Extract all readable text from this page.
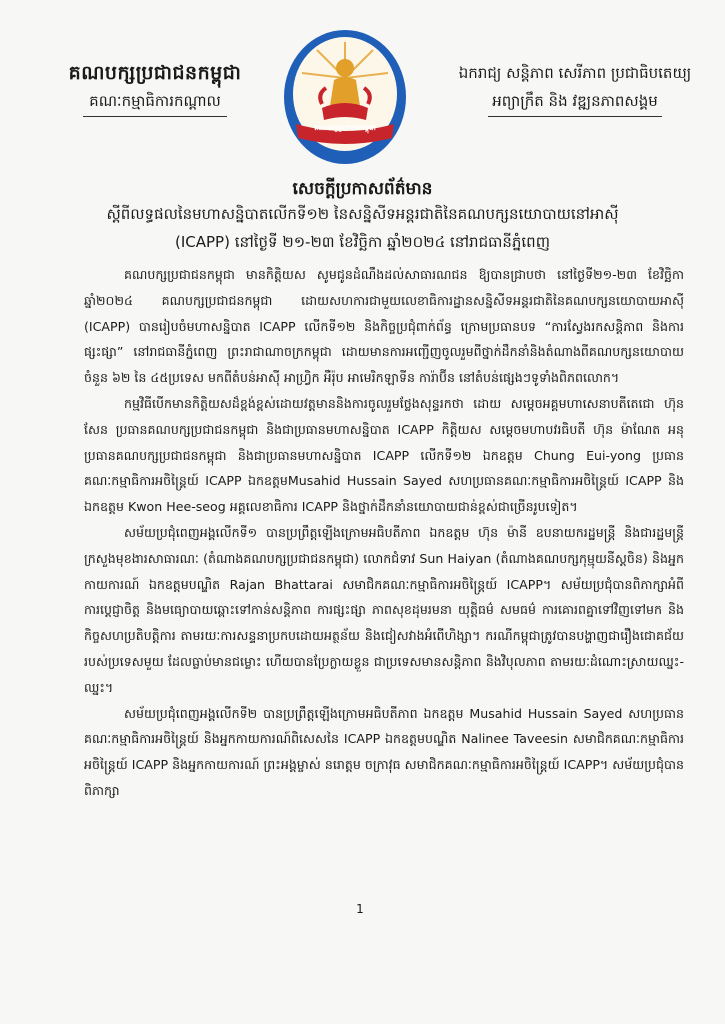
គណបក្សប្រជាជនកម្ពុជា
គណៈកម្មាធិការកណ្តាល
គណបក្សប្រជាជនកម្ពុជា
ឯករាជ្យ សន្តិភាព សេរីភាព ប្រជាធិបតេយ្យ
អព្យាក្រឹត និង វឌ្ឍនភាពសង្គម
សេចក្តីប្រកាសព័ត៌មាន
ស្តីពីលទ្ធផលនៃមហាសន្និបាតលើកទី១២ នៃសន្និសីទអន្តរជាតិនៃគណបក្សនយោបាយនៅអាស៊ី
(ICAPP) នៅថ្ងៃទី ២១-២៣ ខែវិច្ឆិកា ឆ្នាំ២០២៤ នៅរាជធានីភ្នំពេញ

គណបក្សប្រជាជនកម្ពុជា មានកិត្តិយស សូមជូនដំណឹងដល់សាធារណជន ឱ្យបានជ្រាបថា នៅថ្ងៃទី២១-២៣ ខែវិច្ឆិកា ឆ្នាំ២០២៤ គណបក្សប្រជាជនកម្ពុជា ដោយសហការជាមួយលេខាធិការដ្ឋានសន្និសីទអន្តរជាតិនៃគណបក្សនយោបាយអាស៊ី (ICAPP) បានរៀបចំមហាសន្និបាត ICAPP លើកទី១២ និងកិច្ចប្រជុំពាក់ព័ន្ធ ក្រោមប្រធានបទ “ការស្វែងរកសន្តិភាព និងការផ្សះផ្សា” នៅរាជធានីភ្នំពេញ ព្រះរាជាណាចក្រកម្ពុជា ដោយមានការអញ្ជើញចូលរួមពីថ្នាក់ដឹកនាំនិងតំណាងពីគណបក្សនយោបាយចំនួន ៦២ នៃ ៤៥ប្រទេស មកពីតំបន់អាស៊ី អាហ្វ្រិក អឺរ៉ុប អាមេរិកឡាទីន ការ៉ាប៊ីន នៅតំបន់ផ្សេងៗទូទាំងពិភពលោក។

កម្មវិធីបើកមានកិត្តិយសដ៏ខ្ពង់ខ្ពស់ដោយវត្តមាននិងការចូលរួមថ្លែងសុន្ទរកថា ដោយ សម្តេចអគ្គមហាសេនាបតីតេជោ ហ៊ុន សែន ប្រធានគណបក្សប្រជាជនកម្ពុជា និងជាប្រធានមហាសន្និបាត ICAPP កិត្តិយស សម្តេចមហាបវរធិបតី ហ៊ុន ម៉ាណែត អនុប្រធានគណបក្សប្រជាជនកម្ពុជា និងជាប្រធានមហាសន្និបាត ICAPP លើកទី១២ ឯកឧត្តម Chung Eui-yong ប្រធានគណៈកម្មាធិការអចិន្ត្រៃយ៍ ICAPP ឯកឧត្តមMusahid Hussain Sayed សហប្រធានគណៈកម្មាធិការអចិន្ត្រៃយ៍ ICAPP និង ឯកឧត្តម Kwon Hee-seog អគ្គលេខាធិការ ICAPP និងថ្នាក់ដឹកនាំនយោបាយជាន់ខ្ពស់ជាច្រើនរូបទៀត។

សម័យប្រជុំពេញអង្គលើកទី១ បានប្រព្រឹត្តឡើងក្រោមអធិបតីភាព ឯកឧត្តម ហ៊ុន ម៉ានី ឧបនាយករដ្ឋមន្ត្រី និងជារដ្ឋមន្ត្រីក្រសួងមុខងារសាធារណៈ (តំណាងគណបក្សប្រជាជនកម្ពុជា) លោកជំទាវ Sun Haiyan (តំណាងគណបក្សកុម្មុយនីស្តចិន) និងអ្នកកាយការណ៍ ឯកឧត្តមបណ្ឌិត Rajan Bhattarai សមាជិកគណៈកម្មាធិការអចិន្ត្រៃយ៍ ICAPP។ សម័យប្រជុំបានពិភាក្សាអំពីការប្តេជ្ញាចិត្ត និងមធ្យោបាយឆ្ពោះទៅកាន់សន្តិភាព ការផ្សះផ្សា ភាពសុខដុមរមនា យុត្តិធម៌ សមធម៌ ការគោរពគ្នាទៅវិញទៅមក និងកិច្ចសហប្រតិបត្តិការ តាមរយៈការសន្ទនាប្រកបដោយអត្ថន័យ និងជៀសវាងអំពើហិង្សា។ ករណីកម្ពុជាត្រូវបានបង្ហាញជារឿងជោគជ័យរបស់ប្រទេសមួយ ដែលធ្លាប់មានជម្លោះ ហើយបានប្រែក្លាយខ្លួន ជាប្រទេសមានសន្តិភាព និងវិបុលភាព តាមរយៈដំណោះស្រាយឈ្នះ-ឈ្នះ។

សម័យប្រជុំពេញអង្គលើកទី២ បានប្រព្រឹត្តឡើងក្រោមអធិបតីភាព ឯកឧត្តម Musahid Hussain Sayed សហប្រធានគណៈកម្មាធិការអចិន្ត្រៃយ៍ និងអ្នកកាយការណ៍ពិសេសនៃ ICAPP ឯកឧត្តមបណ្ឌិត Nalinee Taveesin សមាជិកគណៈកម្មាធិការអចិន្ត្រៃយ៍ ICAPP និងអ្នកកាយការណ៍ ព្រះអង្គម្ចាស់ នរោត្តម ចក្រាវុធ សមាជិកគណៈកម្មាធិការអចិន្ត្រៃយ៍ ICAPP។ សម័យប្រជុំបានពិភាក្សា

1
